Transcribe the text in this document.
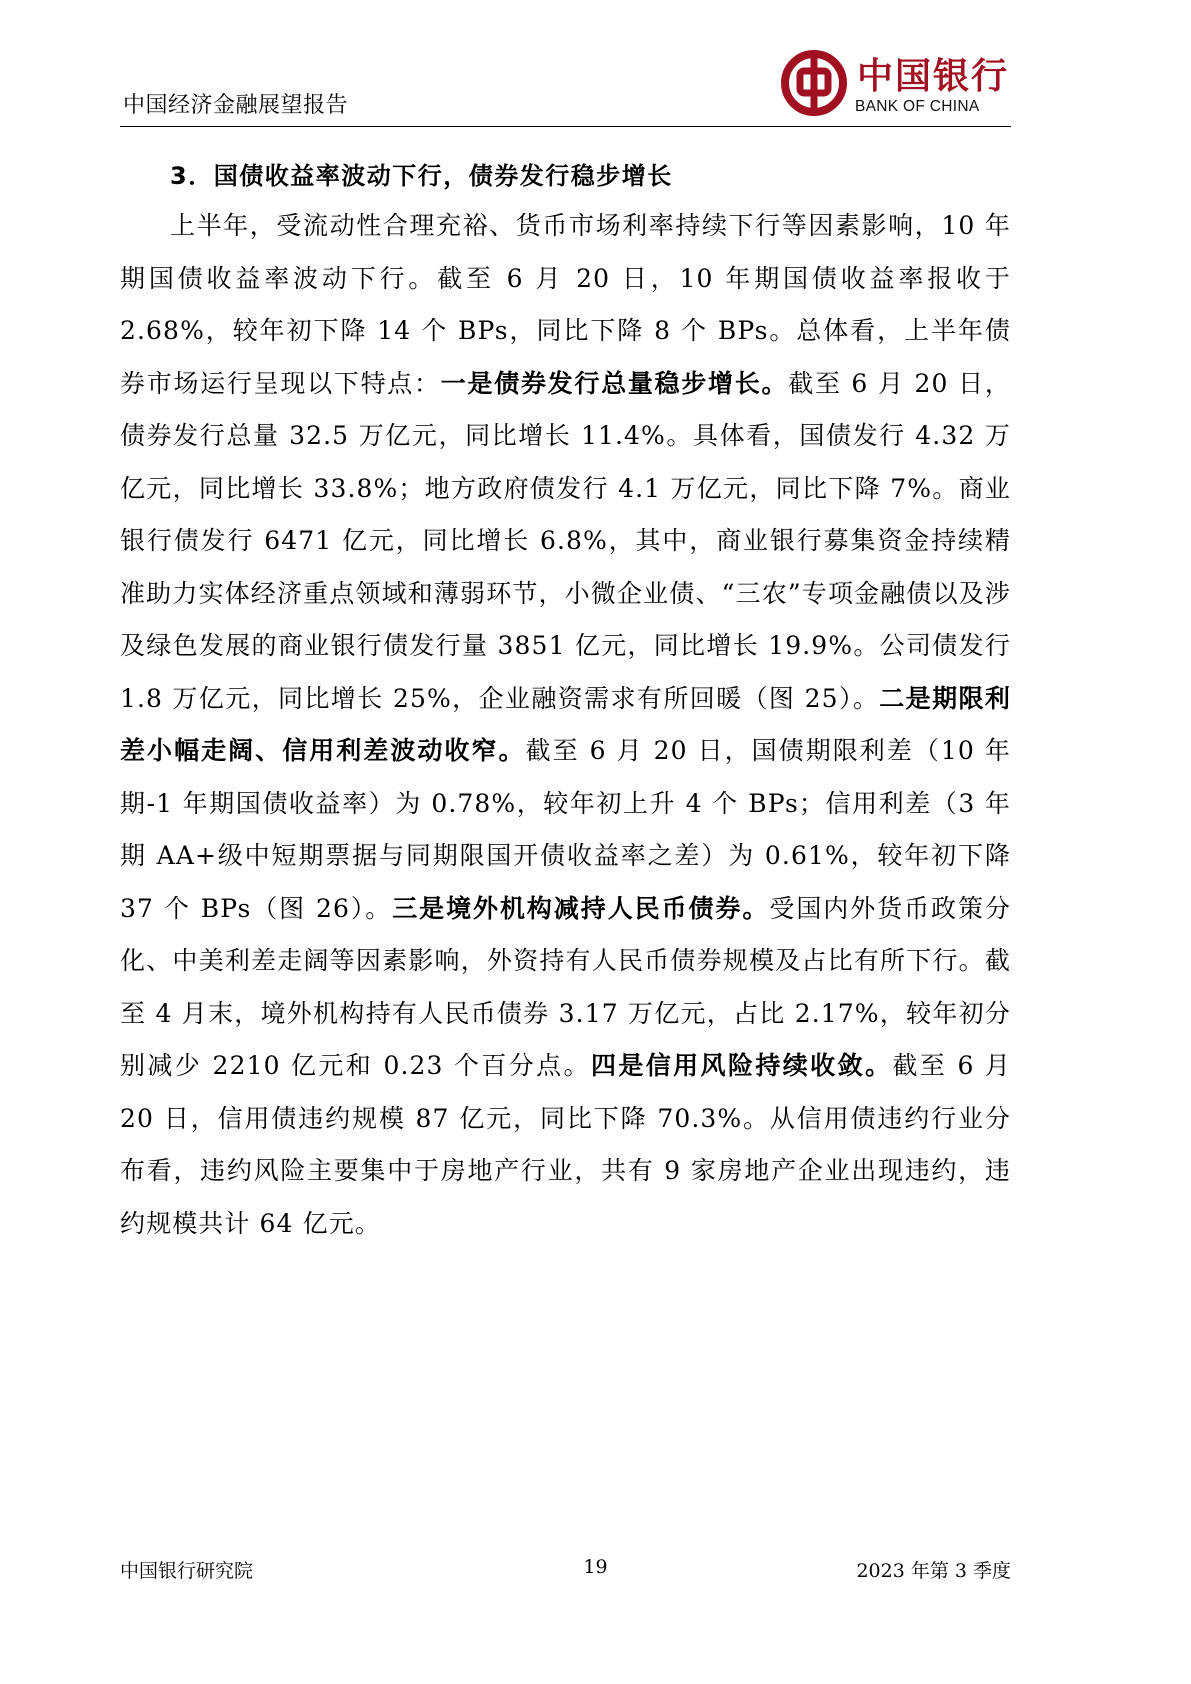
中国经济金融展望报告
中国银行
BANK OF CHINA
3．国债收益率波动下行，债券发行稳步增长
上半年，受流动性合理充裕、货币市场利率持续下行等因素影响，10 年期国债收益率波动下行。截至 6 月 20 日，10 年期国债收益率报收于 2.68%，较年初下降 14 个 BPs，同比下降 8 个 BPs。总体看，上半年债券市场运行呈现以下特点：一是债券发行总量稳步增长。截至 6 月 20 日，债券发行总量 32.5 万亿元，同比增长 11.4%。具体看，国债发行 4.32 万亿元，同比增长 33.8%；地方政府债发行 4.1 万亿元，同比下降 7%。商业银行债发行 6471 亿元，同比增长 6.8%，其中，商业银行募集资金持续精准助力实体经济重点领域和薄弱环节，小微企业债、“三农”专项金融债以及涉及绿色发展的商业银行债发行量 3851 亿元，同比增长 19.9%。公司债发行 1.8 万亿元，同比增长 25%，企业融资需求有所回暖（图 25）。二是期限利差小幅走阔、信用利差波动收窄。截至 6 月 20 日，国债期限利差（10 年期-1 年期国债收益率）为 0.78%，较年初上升 4 个 BPs；信用利差（3 年期 AA+级中短期票据与同期限国开债收益率之差）为 0.61%，较年初下降 37 个 BPs（图 26）。三是境外机构减持人民币债券。受国内外货币政策分化、中美利差走阔等因素影响，外资持有人民币债券规模及占比有所下行。截至 4 月末，境外机构持有人民币债券 3.17 万亿元，占比 2.17%，较年初分别减少 2210 亿元和 0.23 个百分点。四是信用风险持续收敛。截至 6 月 20 日，信用债违约规模 87 亿元，同比下降 70.3%。从信用债违约行业分布看，违约风险主要集中于房地产行业，共有 9 家房地产企业出现违约，违约规模共计 64 亿元。
中国银行研究院	19	2023 年第 3 季度
